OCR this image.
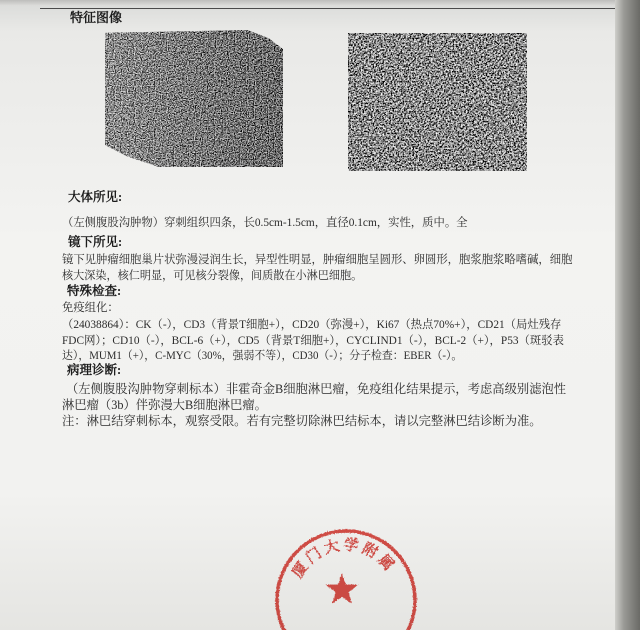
特征图像
大体所见:
（左侧腹股沟肿物）穿刺组织四条，长0.5cm-1.5cm，直径0.1cm，实性，质中。全
镜下所见:
镜下见肿瘤细胞巢片状弥漫浸润生长，异型性明显，肿瘤细胞呈圆形、卵圆形，胞浆胞浆略嗜碱，细胞
核大深染，核仁明显，可见核分裂像，间质散在小淋巴细胞。
特殊检查:
免疫组化：
（24038864）：CK（-），CD3（背景T细胞+），CD20（弥漫+），Ki67（热点70%+），CD21（局灶残存
FDC网）；CD10（-），BCL-6（+），CD5（背景T细胞+），CYCLIND1（-），BCL-2（+），P53（斑驳表
达），MUM1（+），C-MYC（30%，强弱不等），CD30（-）；分子检查：EBER（-）。
病理诊断:
（左侧腹股沟肿物穿刺标本）非霍奇金B细胞淋巴瘤，免疫组化结果提示，考虑高级别滤泡性
淋巴瘤（3b）伴弥漫大B细胞淋巴瘤。
注：淋巴结穿刺标本，观察受限。若有完整切除淋巴结标本，请以完整淋巴结诊断为准。
厦门大学附属
